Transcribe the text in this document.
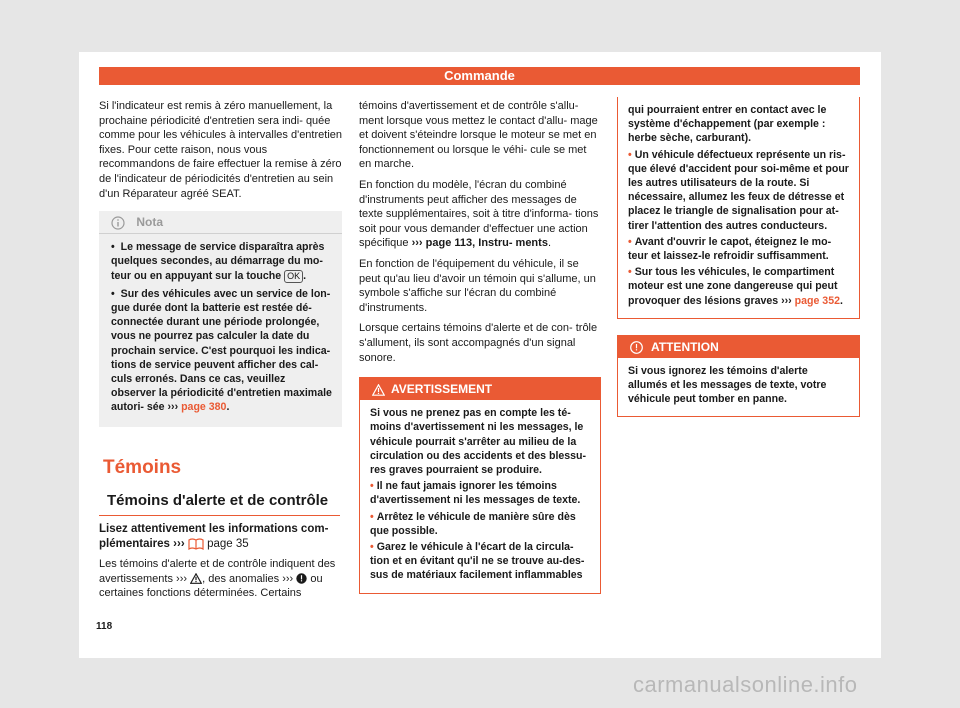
Commande

Si l'indicateur est remis à zéro manuellement, la prochaine périodicité d'entretien sera indi- quée comme pour les véhicules à intervalles d'entretien fixes. Pour cette raison, nous vous recommandons de faire effectuer la remise à zéro de l'indicateur de périodicités d'entretien au sein d'un Réparateur agréé SEAT.

Nota

• Le message de service disparaîtra après quelques secondes, au démarrage du mo- teur ou en appuyant sur la touche OK .

• Sur des véhicules avec un service de lon- gue durée dont la batterie est restée dé- connectée durant une période prolongée, vous ne pourrez pas calculer la date du prochain service. C'est pourquoi les indica- tions de service peuvent afficher des cal- culs erronés. Dans ce cas, veuillez observer la périodicité d'entretien maximale autori- sée ››› page 380.

Témoins
Témoins d'alerte et de contrôle

Lisez attentivement les informations com- plémentaires ››› page 35

Les témoins d'alerte et de contrôle indiquent des avertissements ››› , des anomalies ››› ou certaines fonctions déterminées. Certains

témoins d'avertissement et de contrôle s'allu- ment lorsque vous mettez le contact d'allu- mage et doivent s'éteindre lorsque le moteur se met en fonctionnement ou lorsque le véhi- cule se met en marche.

En fonction du modèle, l'écran du combiné d'instruments peut afficher des messages de texte supplémentaires, soit à titre d'informa- tions soit pour vous demander d'effectuer une action spécifique ››› page 113, Instru- ments.

En fonction de l'équipement du véhicule, il se peut qu'au lieu d'avoir un témoin qui s'allume, un symbole s'affiche sur l'écran du combiné d'instruments.

Lorsque certains témoins d'alerte et de con- trôle s'allument, ils sont accompagnés d'un signal sonore.

AVERTISSEMENT

Si vous ne prenez pas en compte les té- moins d'avertissement ni les messages, le véhicule pourrait s'arrêter au milieu de la circulation ou des accidents et des blessu- res graves pourraient se produire.

• Il ne faut jamais ignorer les témoins d'avertissement ni les messages de texte.

• Arrêtez le véhicule de manière sûre dès que possible.

• Garez le véhicule à l'écart de la circula- tion et en évitant qu'il ne se trouve au-des- sus de matériaux facilement inflammables

qui pourraient entrer en contact avec le système d'échappement (par exemple : herbe sèche, carburant).

• Un véhicule défectueux représente un ris- que élevé d'accident pour soi-même et pour les autres utilisateurs de la route. Si nécessaire, allumez les feux de détresse et placez le triangle de signalisation pour at- tirer l'attention des autres conducteurs.

• Avant d'ouvrir le capot, éteignez le mo- teur et laissez-le refroidir suffisamment.

• Sur tous les véhicules, le compartiment moteur est une zone dangereuse qui peut provoquer des lésions graves ››› page 352.

ATTENTION

Si vous ignorez les témoins d'alerte allumés et les messages de texte, votre véhicule peut tomber en panne.

118
carmanualsonline.info
